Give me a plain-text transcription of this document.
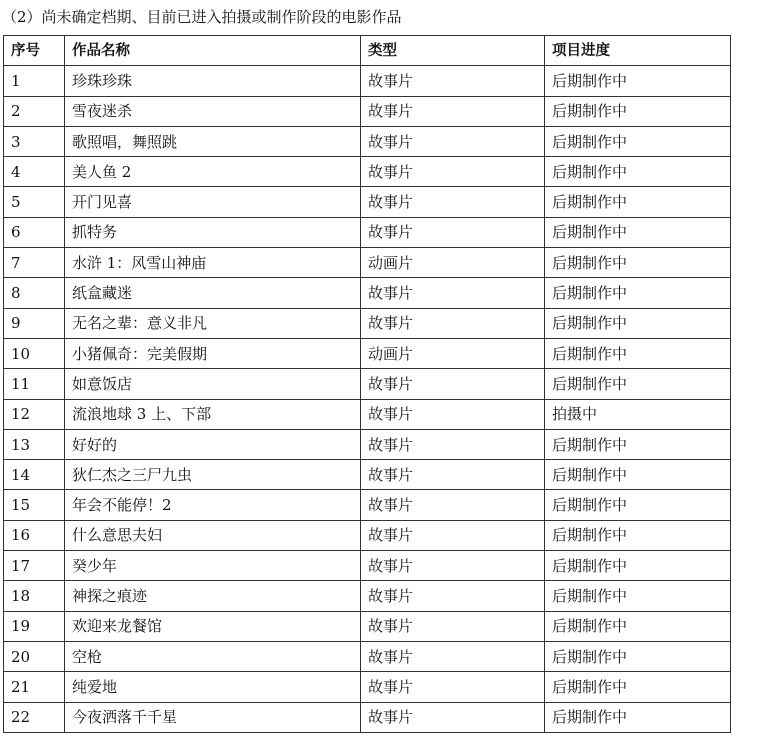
（2）尚未确定档期、目前已进入拍摄或制作阶段的电影作品
序号	作品名称	类型	项目进度
1	珍珠珍珠	故事片	后期制作中
2	雪夜迷杀	故事片	后期制作中
3	歌照唱，舞照跳	故事片	后期制作中
4	美人鱼 2	故事片	后期制作中
5	开门见喜	故事片	后期制作中
6	抓特务	故事片	后期制作中
7	水浒 1：风雪山神庙	动画片	后期制作中
8	纸盒藏迷	故事片	后期制作中
9	无名之辈：意义非凡	故事片	后期制作中
10	小猪佩奇：完美假期	动画片	后期制作中
11	如意饭店	故事片	后期制作中
12	流浪地球 3 上、下部	故事片	拍摄中
13	好好的	故事片	后期制作中
14	狄仁杰之三尸九虫	故事片	后期制作中
15	年会不能停！2	故事片	后期制作中
16	什么意思夫妇	故事片	后期制作中
17	癸少年	故事片	后期制作中
18	神探之痕迹	故事片	后期制作中
19	欢迎来龙餐馆	故事片	后期制作中
20	空枪	故事片	后期制作中
21	纯爱地	故事片	后期制作中
22	今夜洒落千千星	故事片	后期制作中
